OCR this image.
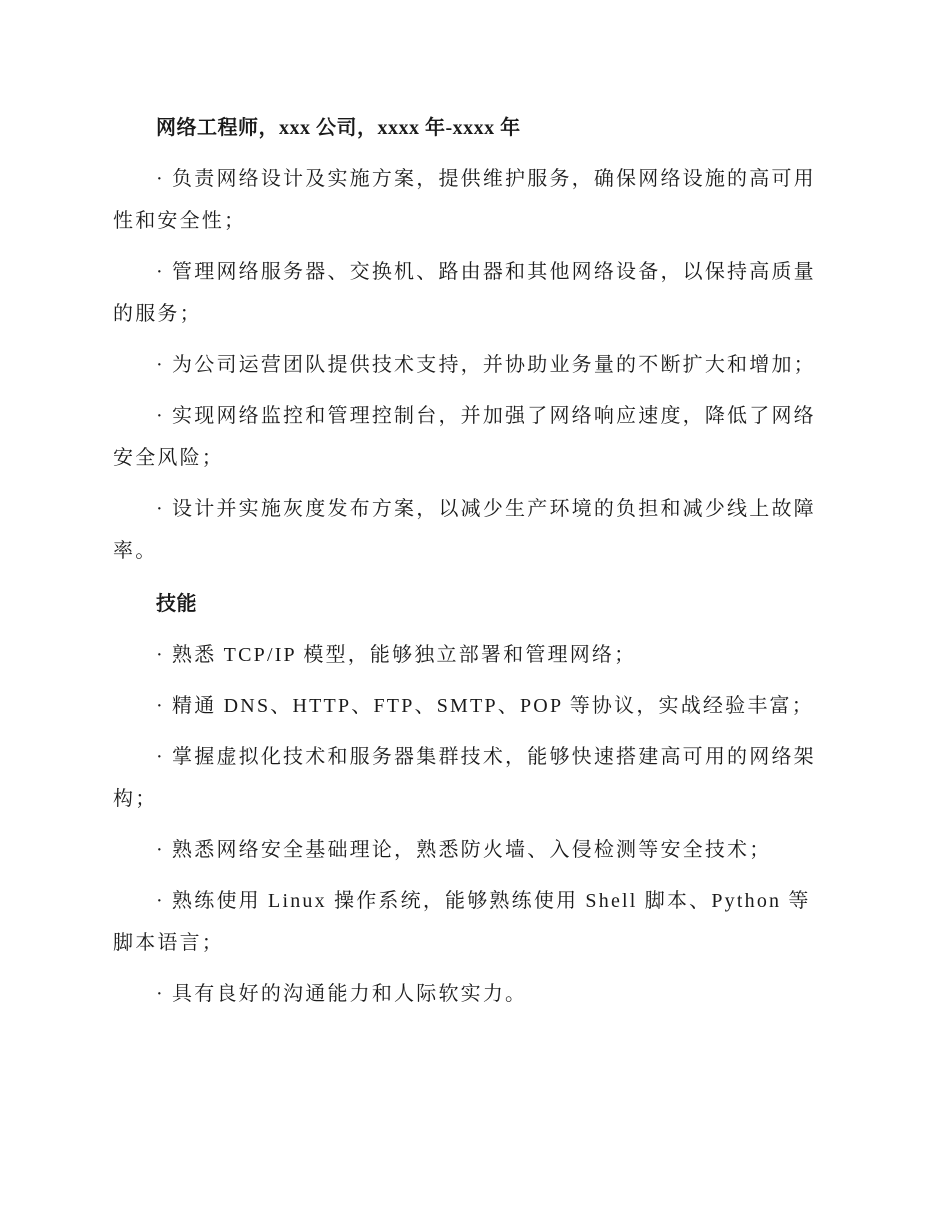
网络工程师，xxx 公司，xxxx 年-xxxx 年

· 负责网络设计及实施方案，提供维护服务，确保网络设施的高可用性和安全性；

· 管理网络服务器、交换机、路由器和其他网络设备，以保持高质量的服务；

· 为公司运营团队提供技术支持，并协助业务量的不断扩大和增加；

· 实现网络监控和管理控制台，并加强了网络响应速度，降低了网络安全风险；

· 设计并实施灰度发布方案，以减少生产环境的负担和减少线上故障率。

技能

· 熟悉 TCP/IP 模型，能够独立部署和管理网络；

· 精通 DNS、HTTP、FTP、SMTP、POP 等协议，实战经验丰富；

· 掌握虚拟化技术和服务器集群技术，能够快速搭建高可用的网络架构；

· 熟悉网络安全基础理论，熟悉防火墙、入侵检测等安全技术；

· 熟练使用 Linux 操作系统，能够熟练使用 Shell 脚本、Python 等脚本语言；

· 具有良好的沟通能力和人际软实力。
